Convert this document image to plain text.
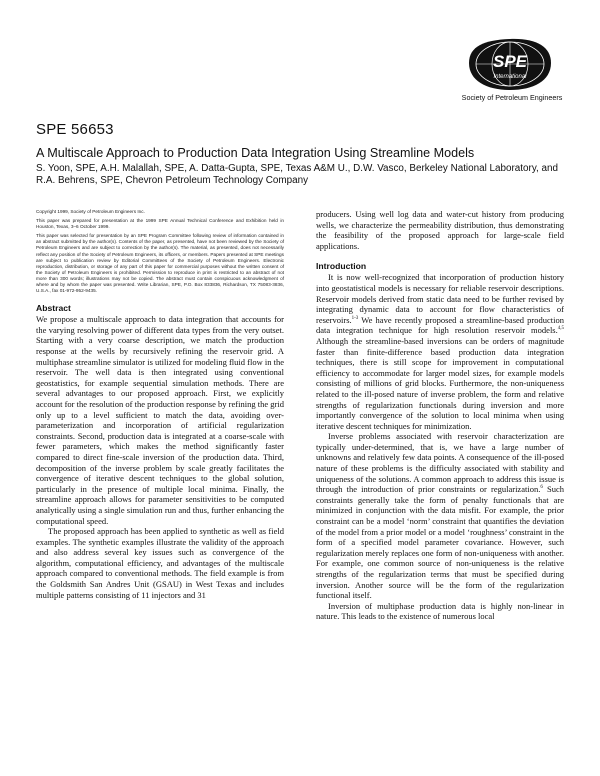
SPE
International
Society of Petroleum Engineers
SPE 56653
A Multiscale Approach to Production Data Integration Using Streamline Models
S. Yoon, SPE, A.H. Malallah, SPE, A. Datta-Gupta, SPE, Texas A&M U., D.W. Vasco, Berkeley National Laboratory, and R.A. Behrens, SPE, Chevron Petroleum Technology Company

Copyright 1999, Society of Petroleum Engineers Inc.

This paper was prepared for presentation at the 1999 SPE Annual Technical Conference and Exhibition held in Houston, Texas, 3–6 October 1999.

This paper was selected for presentation by an SPE Program Committee following review of information contained in an abstract submitted by the author(s). Contents of the paper, as presented, have not been reviewed by the Society of Petroleum Engineers and are subject to correction by the author(s). The material, as presented, does not necessarily reflect any position of the Society of Petroleum Engineers, its officers, or members. Papers presented at SPE meetings are subject to publication review by Editorial Committees of the Society of Petroleum Engineers. Electronic reproduction, distribution, or storage of any part of this paper for commercial purposes without the written consent of the Society of Petroleum Engineers is prohibited. Permission to reproduce in print is restricted to an abstract of not more than 300 words; illustrations may not be copied. The abstract must contain conspicuous acknowledgment of where and by whom the paper was presented. Write Librarian, SPE, P.O. Box 833836, Richardson, TX 75083-3836, U.S.A., fax 01-972-952-9435.

Abstract

We propose a multiscale approach to data integration that accounts for the varying resolving power of different data types from the very outset. Starting with a very coarse description, we match the production response at the wells by recursively refining the reservoir grid. A multiphase streamline simulator is utilized for modeling fluid flow in the reservoir. The well data is then integrated using conventional geostatistics, for example sequential simulation methods. There are several advantages to our proposed approach. First, we explicitly account for the resolution of the production response by refining the grid only up to a level sufficient to match the data, avoiding over-parameterization and incorporation of artificial regularization constraints. Second, production data is integrated at a coarse-scale with fewer parameters, which makes the method significantly faster compared to direct fine-scale inversion of the production data. Third, decomposition of the inverse problem by scale greatly facilitates the convergence of iterative descent techniques to the global solution, particularly in the presence of multiple local minima. Finally, the streamline approach allows for parameter sensitivities to be computed analytically using a single simulation run and thus, further enhancing the computational speed.

The proposed approach has been applied to synthetic as well as field examples. The synthetic examples illustrate the validity of the approach and also address several key issues such as convergence of the algorithm, computational efficiency, and advantages of the multiscale approach compared to conventional methods. The field example is from the Goldsmith San Andres Unit (GSAU) in West Texas and includes multiple patterns consisting of 11 injectors and 31

producers. Using well log data and water-cut history from producing wells, we characterize the permeability distribution, thus demonstrating the feasibility of the proposed approach for large-scale field applications.

Introduction

It is now well-recognized that incorporation of production history into geostatistical models is necessary for reliable reservoir descriptions. Reservoir models derived from static data need to be further revised by integrating dynamic data to account for flow characteristics of reservoirs.$^{1-3}$ We have recently proposed a streamline-based production data integration technique for high resolution reservoir models.$^{4,5}$ Although the streamline-based inversions can be orders of magnitude faster than finite-difference based production data integration techniques, there is still scope for improvement in computational efficiency to accommodate for larger model sizes, for example models consisting of millions of grid blocks. Furthermore, the non-uniqueness related to the ill-posed nature of inverse problem, the form and relative strengths of regularization functionals during inversion and more importantly convergence of the solution to local minima when using iterative descent techniques for minimization.

Inverse problems associated with reservoir characterization are typically under-determined, that is, we have a large number of unknowns and relatively few data points. A consequence of the ill-posed nature of these problems is the difficulty associated with stability and uniqueness of the solutions. A common approach to address this issue is through the introduction of prior constraints or regularization.$^6$ Such constraints generally take the form of penalty functionals that are minimized in conjunction with the data misfit. For example, the prior constraint can be a model ‘norm’ constraint that quantifies the deviation of the model from a prior model or a model ‘roughness’ constraint in the form of a specified model parameter covariance. However, such regularization merely replaces one form of non-uniqueness with another. For example, one common source of non-uniqueness is the relative strengths of the regularization terms that must be specified during inversion. Another source will be the form of the regularization functional itself.

Inversion of multiphase production data is highly non-linear in nature. This leads to the existence of numerous local
